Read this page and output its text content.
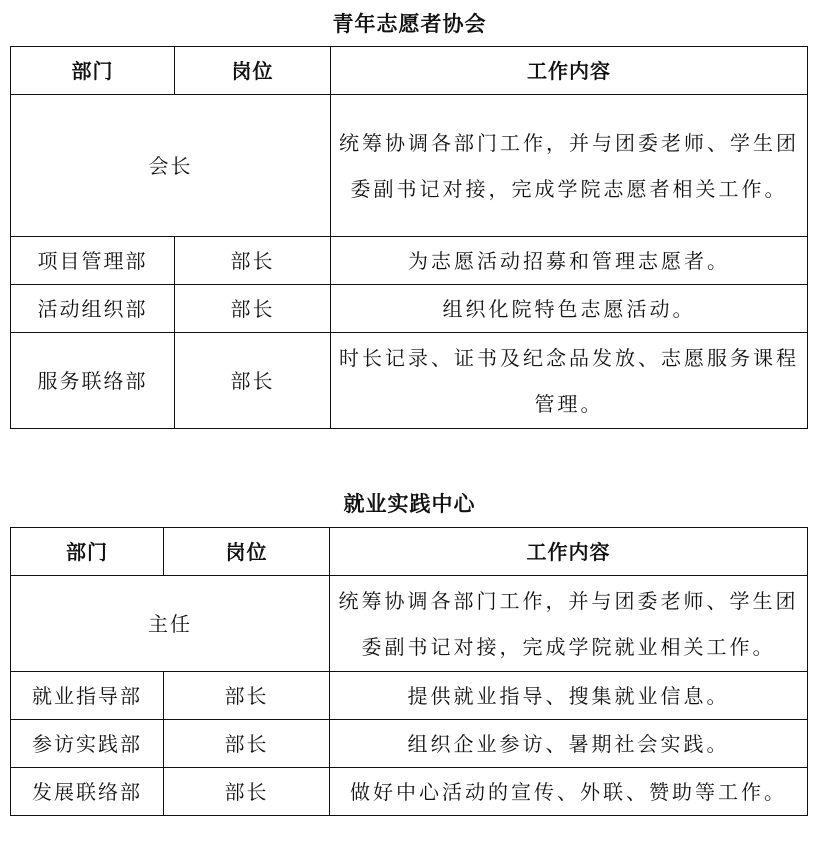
青年志愿者协会
部门	岗位	工作内容
会长		统筹协调各部门工作，并与团委老师、学生团委副书记对接，完成学院志愿者相关工作。
项目管理部	部长	为志愿活动招募和管理志愿者。
活动组织部	部长	组织化院特色志愿活动。
服务联络部	部长	时长记录、证书及纪念品发放、志愿服务课程管理。
就业实践中心
部门	岗位	工作内容
主任		统筹协调各部门工作，并与团委老师、学生团委副书记对接，完成学院就业相关工作。
就业指导部	部长	提供就业指导、搜集就业信息。
参访实践部	部长	组织企业参访、暑期社会实践。
发展联络部	部长	做好中心活动的宣传、外联、赞助等工作。
